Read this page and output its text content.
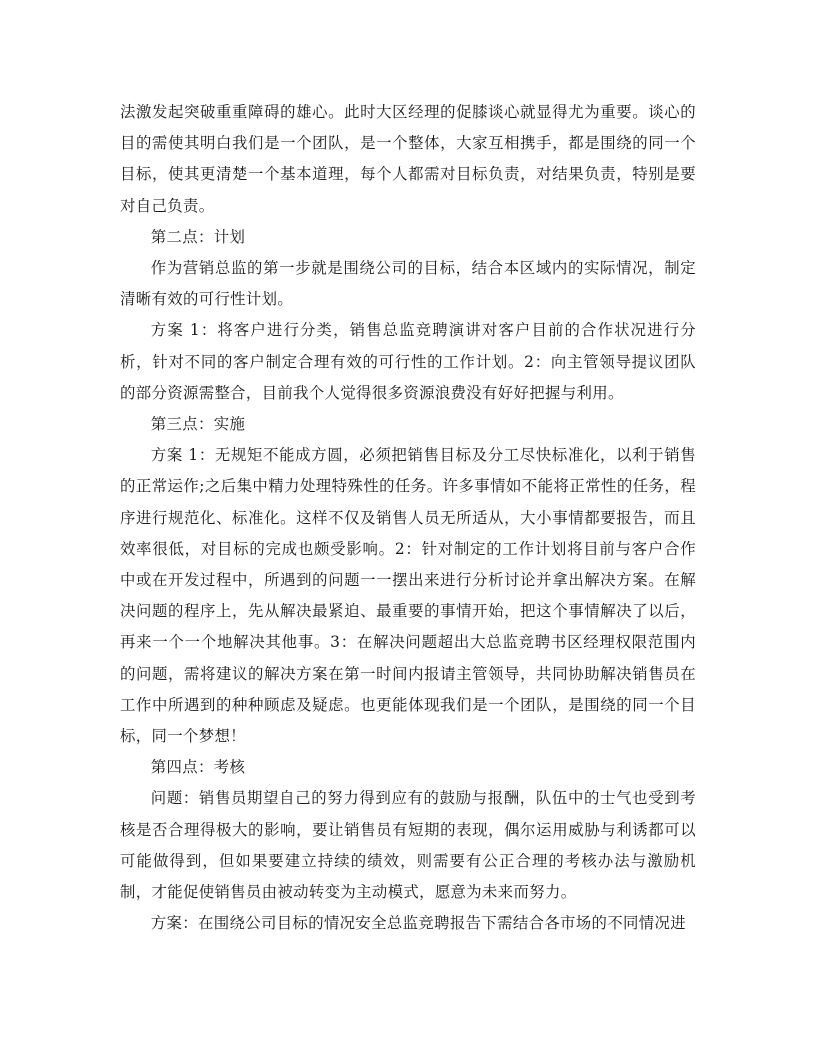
法激发起突破重重障碍的雄心。此时大区经理的促膝谈心就显得尤为重要。谈心的目的需使其明白我们是一个团队，是一个整体，大家互相携手，都是围绕的同一个目标，使其更清楚一个基本道理，每个人都需对目标负责，对结果负责，特别是要对自己负责。

第二点：计划

作为营销总监的第一步就是围绕公司的目标，结合本区域内的实际情况，制定清晰有效的可行性计划。

方案 1：将客户进行分类，销售总监竞聘演讲对客户目前的合作状况进行分析，针对不同的客户制定合理有效的可行性的工作计划。2：向主管领导提议团队的部分资源需整合，目前我个人觉得很多资源浪费没有好好把握与利用。

第三点：实施

方案 1：无规矩不能成方圆，必须把销售目标及分工尽快标准化，以利于销售的正常运作;之后集中精力处理特殊性的任务。许多事情如不能将正常性的任务，程序进行规范化、标准化。这样不仅及销售人员无所适从，大小事情都要报告，而且效率很低，对目标的完成也颇受影响。2：针对制定的工作计划将目前与客户合作中或在开发过程中，所遇到的问题一一摆出来进行分析讨论并拿出解决方案。在解决问题的程序上，先从解决最紧迫、最重要的事情开始，把这个事情解决了以后，再来一个一个地解决其他事。3：在解决问题超出大总监竞聘书区经理权限范围内的问题，需将建议的解决方案在第一时间内报请主管领导，共同协助解决销售员在工作中所遇到的种种顾虑及疑虑。也更能体现我们是一个团队，是围绕的同一个目标，同一个梦想！

第四点：考核

问题：销售员期望自己的努力得到应有的鼓励与报酬，队伍中的士气也受到考核是否合理得极大的影响，要让销售员有短期的表现，偶尔运用威胁与利诱都可以可能做得到，但如果要建立持续的绩效，则需要有公正合理的考核办法与激励机制，才能促使销售员由被动转变为主动模式，愿意为未来而努力。

方案：在围绕公司目标的情况安全总监竞聘报告下需结合各市场的不同情况进
